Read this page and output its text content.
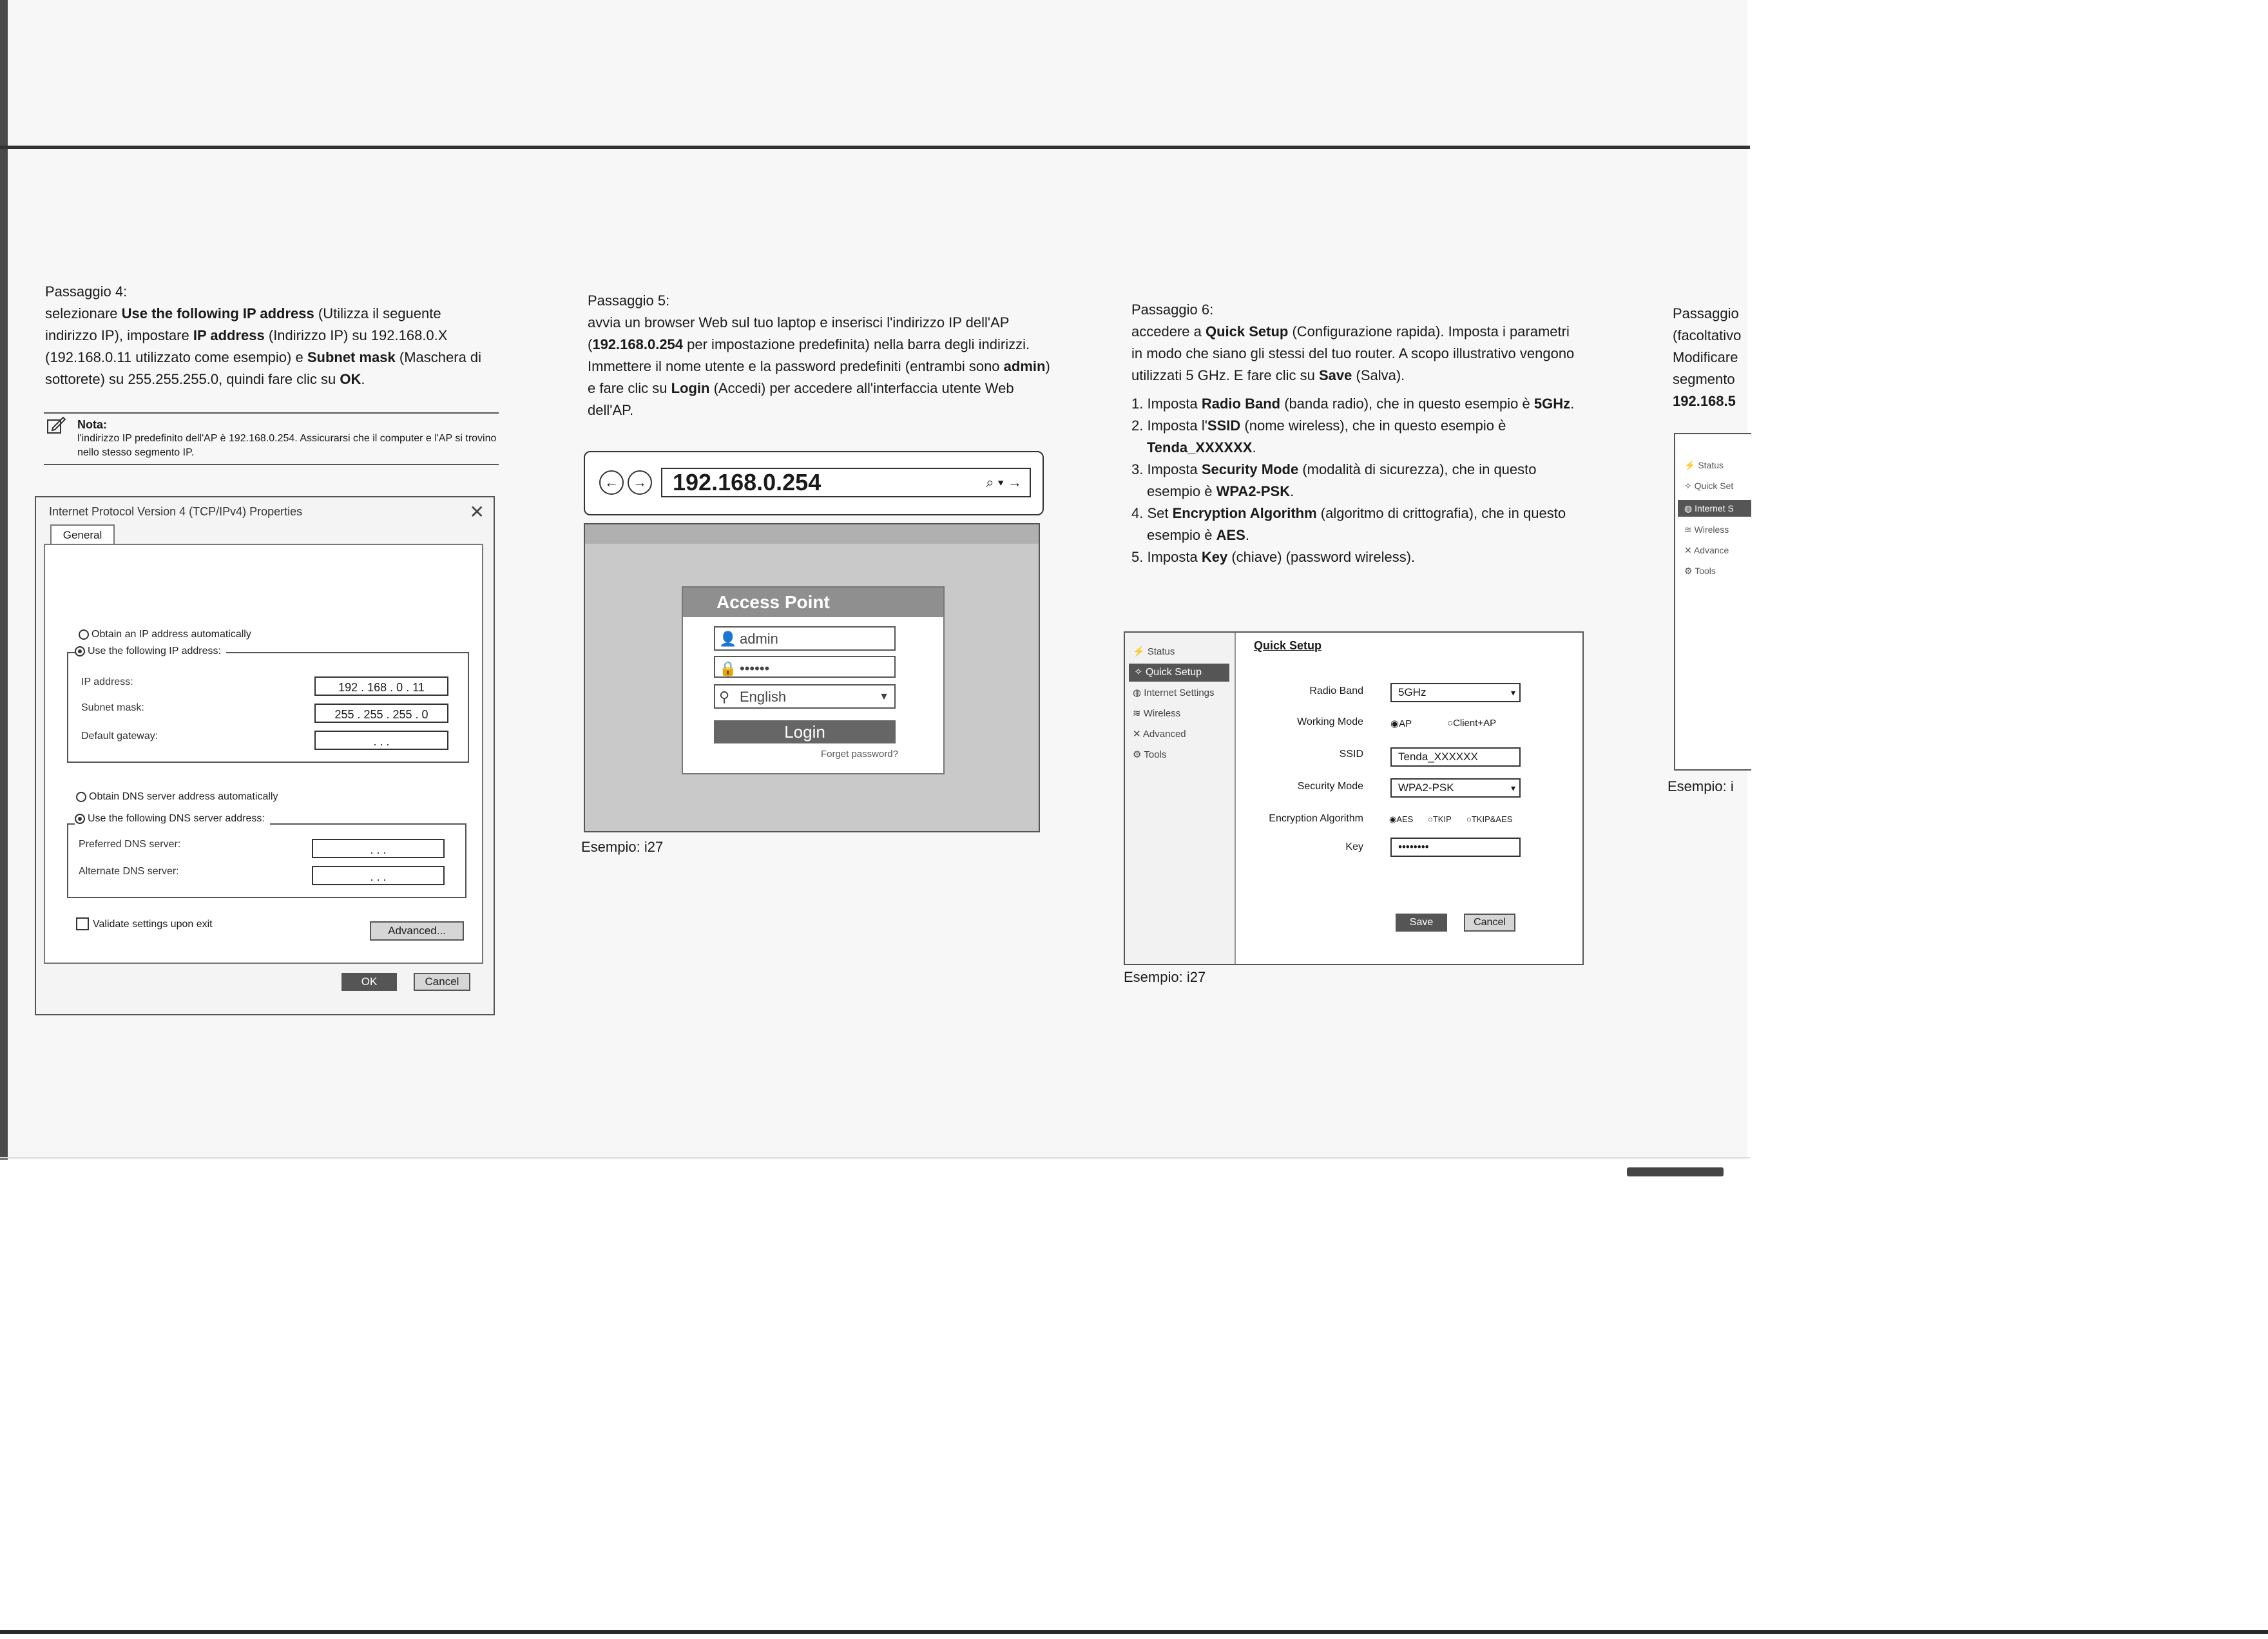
Passaggio 4:

selezionare Use the following IP address (Utilizza il seguente indirizzo IP), impostare IP address (Indirizzo IP) su 192.168.0.X (192.168.0.11 utilizzato come esempio) e Subnet mask (Maschera di sottorete) su 255.255.255.0, quindi fare clic su OK.

Nota:
l'indirizzo IP predefinito dell'AP è 192.168.0.254. Assicurarsi che il computer e l'AP si trovino nello stesso segmento IP.
Internet Protocol Version 4 (TCP/IPv4) Properties	✕
General
Obtain an IP address automatically
Use the following IP address:
IP address:	192 . 168 . 0 . 11
Subnet mask:
255 . 255 . 255 . 0
Default gateway:	. . .
Obtain DNS server address automatically
Use the following DNS server address:
Preferred DNS server:	. . .
Alternate DNS server:	. . .
Validate settings upon exit
Advanced...
OK	Cancel

Passaggio 5:

avvia un browser Web sul tuo laptop e inserisci l'indirizzo IP dell'AP (192.168.0.254 per impostazione predefinita) nella barra degli indirizzi. Immettere il nome utente e la password predefiniti (entrambi sono admin) e fare clic su Login (Accedi) per accedere all'interfaccia utente Web dell'AP.

←	→	192.168.0.254	⌕ ▾ →
Access Point
👤 admin
🔒 ••••••
⚲ English	▼
Login
Forget password?
Esempio: i27

Passaggio 6:

accedere a Quick Setup (Configurazione rapida). Imposta i parametri in modo che siano gli stessi del tuo router. A scopo illustrativo vengono utilizzati 5 GHz. E fare clic su Save (Salva).

1. Imposta Radio Band (banda radio), che in questo esempio è 5GHz.
2. Imposta l'SSID (nome wireless), che in questo esempio è Tenda_XXXXXX.
3. Imposta Security Mode (modalità di sicurezza), che in questo esempio è WPA2-PSK.
4. Set Encryption Algorithm (algoritmo di crittografia), che in questo esempio è AES.
5. Imposta Key (chiave) (password wireless).
⚡ Status
✧ Quick Setup
◍ Internet Settings
≋ Wireless
✕ Advanced
⚙ Tools
Quick Setup
Radio Band	5GHz	▾
Working Mode	◉AP	○Client+AP
SSID	Tenda_XXXXXX
Security Mode	WPA2-PSK	▾
Encryption Algorithm	◉AES ○TKIP ○TKIP&AES
Key	••••••••
Save	Cancel
Esempio: i27

Passaggio

(facoltativo

Modificare

segmento

192.168.5

⚡ Status
✧ Quick Set
◍ Internet S
≋ Wireless
✕ Advance
⚙ Tools
Esempio: i
